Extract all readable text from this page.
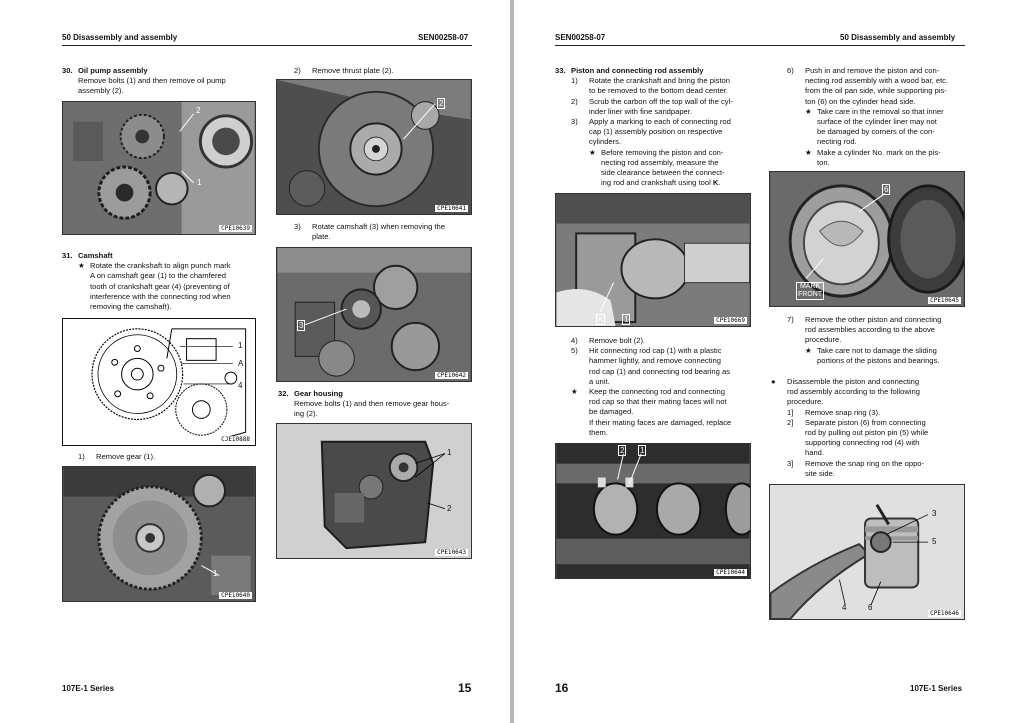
50 Disassembly and assembly	SEN00258-07
30. Oil pump assembly

Remove bolts (1) and then remove oil pump

assembly (2).

2
1
CPE10639
31. Camshaft
★ Rotate the crankshaft to align punch mark

A on camshaft gear (1) to the chamfered

tooth of crankshaft gear (4) (preventing of

interference with the connecting rod when

removing the camshaft).

1
A
4
CJE10888
1)	Remove gear (1).
1
CPE10640
2)	Remove thrust plate (2).
2
CPE10641
3)	Rotate camshaft (3) when removing the

plate.

3
CPE10642
32. Gear housing

Remove bolts (1) and then remove gear hous-

ing (2).

1
2
CPE10643
107E-1 Series	15
SEN00258-07	50 Disassembly and assembly
33. Piston and connecting rod assembly
1)	Rotate the crankshaft and bring the piston

to be removed to the bottom dead center.

2)	Scrub the carbon off the top wall of the cyl-

inder liner with fine sandpaper.

3)	Apply a marking to each of connecting rod

cap (1) assembly position on respective

cylinders.

★ Before removing the piston and con-

necting rod assembly, measure the

side clearance between the connect-

ing rod and crankshaft using tool K.

K	1	CPE10669
4)	Remove bolt (2).
5)	Hit connecting rod cap (1) with a plastic

hammer lightly, and remove connecting

rod cap (1) and connecting rod bearing as

a unit.

★	Keep the connecting rod and connecting

rod cap so that their mating faces will not

be damaged.

If their mating faces are damaged, replace

them.

2 1
CPE10644
6)	Push in and remove the piston and con-

necting rod assembly with a wood bar, etc.

from the oil pan side, while supporting pis-

ton (6) on the cylinder head side.

★ Take care in the removal so that inner

surface of the cylinder liner may not

be damaged by corners of the con-

necting rod.

★ Make a cylinder No. mark on the pis-

ton.

6
MARK
FRONT
CPE10645
7)	Remove the other piston and connecting

rod assemblies according to the above

procedure.

★ Take care not to damage the sliding

portions of the pistons and bearings.

●	Disassemble the piston and connecting

rod assembly according to the following

procedure.

1]	Remove snap ring (3).
2]	Separate piston (6) from connecting

rod by pulling out piston pin (5) while

supporting connecting rod (4) with

hand.

3]	Remove the snap ring on the oppo-

site side.

3
5
4	6
CPE10646
16	107E-1 Series
